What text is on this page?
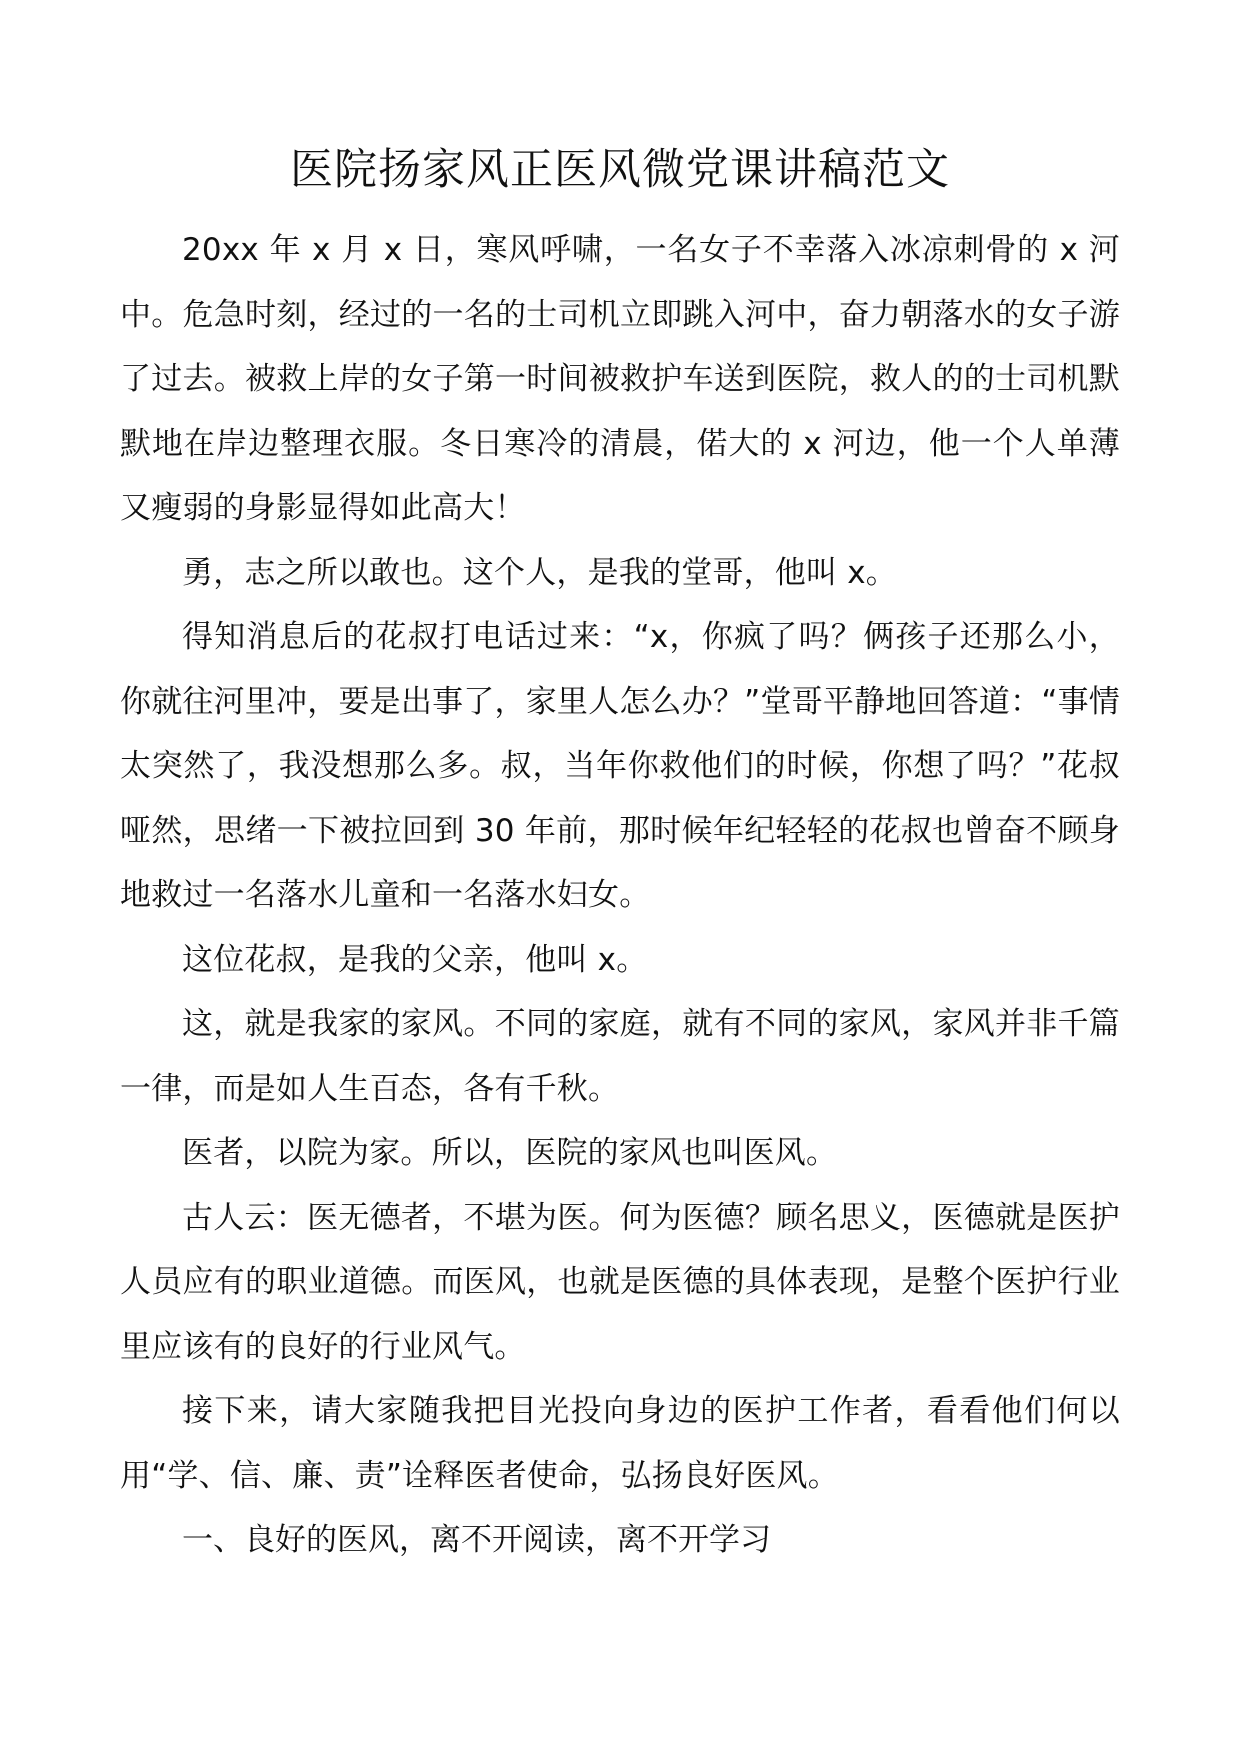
医院扬家风正医风微党课讲稿范文

20xx 年 x 月 x 日，寒风呼啸，一名女子不幸落入冰凉刺骨的 x 河中。危急时刻，经过的一名的士司机立即跳入河中，奋力朝落水的女子游了过去。被救上岸的女子第一时间被救护车送到医院，救人的的士司机默默地在岸边整理衣服。冬日寒冷的清晨，偌大的 x 河边，他一个人单薄又瘦弱的身影显得如此高大！

勇，志之所以敢也。这个人，是我的堂哥，他叫 x。

得知消息后的花叔打电话过来：“x，你疯了吗？俩孩子还那么小，你就往河里冲，要是出事了，家里人怎么办？”堂哥平静地回答道：“事情太突然了，我没想那么多。叔，当年你救他们的时候，你想了吗？”花叔哑然，思绪一下被拉回到 30 年前，那时候年纪轻轻的花叔也曾奋不顾身地救过一名落水儿童和一名落水妇女。

这位花叔，是我的父亲，他叫 x。

这，就是我家的家风。不同的家庭，就有不同的家风，家风并非千篇一律，而是如人生百态，各有千秋。

医者，以院为家。所以，医院的家风也叫医风。

古人云：医无德者，不堪为医。何为医德？顾名思义，医德就是医护人员应有的职业道德。而医风，也就是医德的具体表现，是整个医护行业里应该有的良好的行业风气。

接下来，请大家随我把目光投向身边的医护工作者，看看他们何以用“学、信、廉、责”诠释医者使命，弘扬良好医风。

一、良好的医风，离不开阅读，离不开学习
